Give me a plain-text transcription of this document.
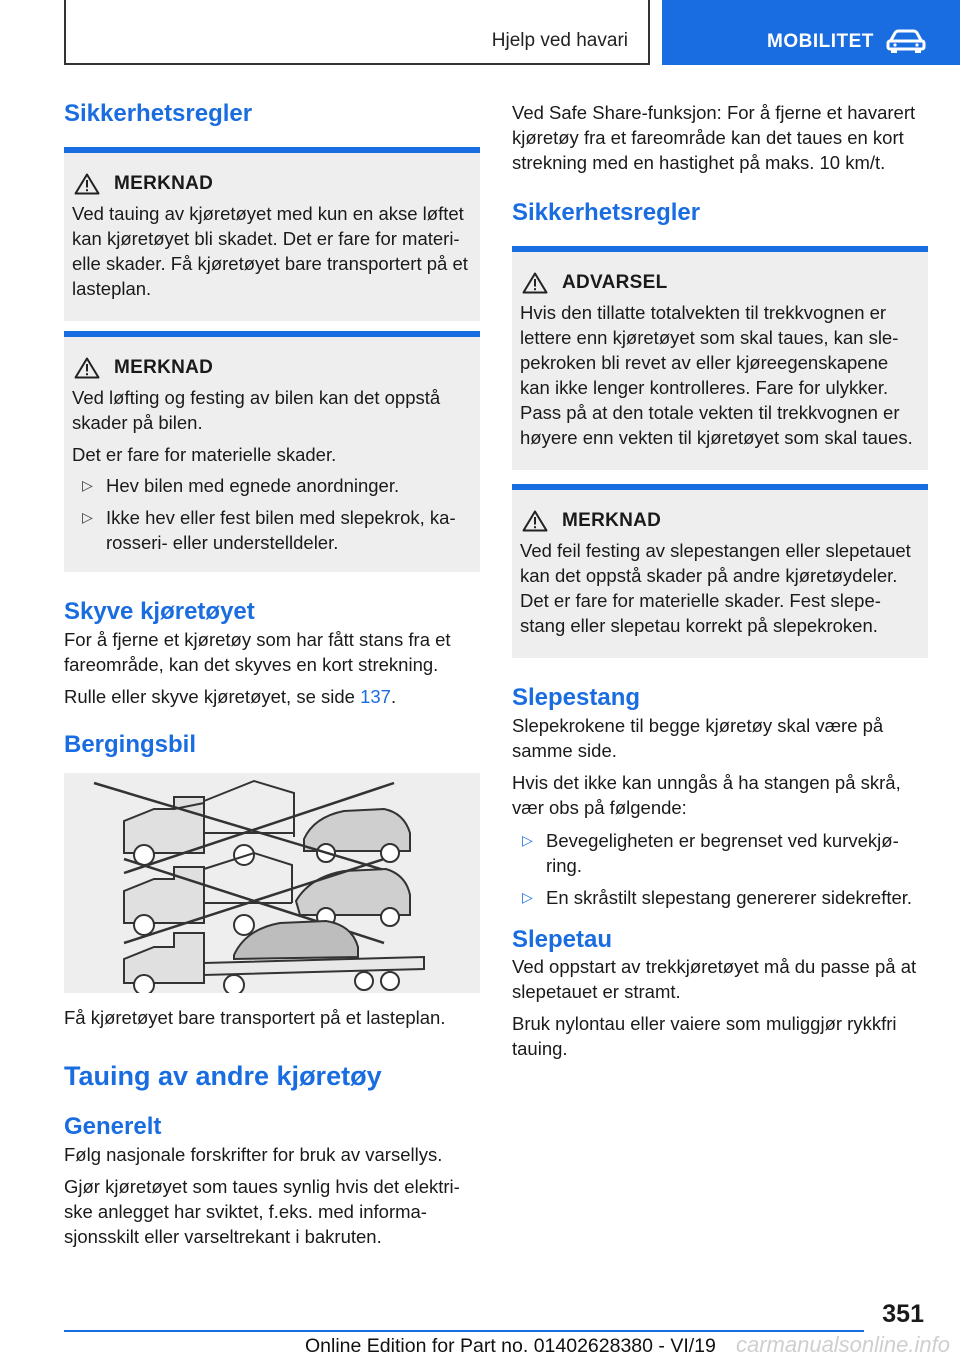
Hjelp ved havari	MOBILITET
Sikkerhetsregler
MERKNAD

Ved tauing av kjøretøyet med kun en akse løftet kan kjøretøyet bli skadet. Det er fare for materi-elle skader. Få kjøretøyet bare transportert på et lasteplan.

MERKNAD

Ved løfting og festing av bilen kan det oppstå skader på bilen.

Det er fare for materielle skader.

▷ Hev bilen med egnede anordninger.
▷ Ikke hev eller fest bilen med slepekrok, ka-rosseri- eller understelldeler.
Skyve kjøretøyet

For å fjerne et kjøretøy som har fått stans fra et fareområde, kan det skyves en kort strekning.

Rulle eller skyve kjøretøyet, se side 137.

Bergingsbil

Få kjøretøyet bare transportert på et lasteplan.

Tauing av andre kjøretøy
Generelt

Følg nasjonale forskrifter for bruk av varsellys.

Gjør kjøretøyet som taues synlig hvis det elektri-ske anlegget har sviktet, f.eks. med informa-sjonsskilt eller varseltrekant i bakruten.

Ved Safe Share-funksjon: For å fjerne et havarert kjøretøy fra et fareområde kan det taues en kort strekning med en hastighet på maks. 10 km/t.

Sikkerhetsregler
ADVARSEL

Hvis den tillatte totalvekten til trekkvognen er lettere enn kjøretøyet som skal taues, kan sle-pekroken bli revet av eller kjøreegenskapene kan ikke lenger kontrolleres. Fare for ulykker. Pass på at den totale vekten til trekkvognen er høyere enn vekten til kjøretøyet som skal taues.

MERKNAD

Ved feil festing av slepestangen eller slepetauet kan det oppstå skader på andre kjøretøydeler. Det er fare for materielle skader. Fest slepe-stang eller slepetau korrekt på slepekroken.

Slepestang

Slepekrokene til begge kjøretøy skal være på samme side.

Hvis det ikke kan unngås å ha stangen på skrå, vær obs på følgende:

▷ Bevegeligheten er begrenset ved kurvekjø-ring.
▷ En skråstilt slepestang genererer sidekrefter.
Slepetau

Ved oppstart av trekkjøretøyet må du passe på at slepetauet er stramt.

Bruk nylontau eller vaiere som muliggjør rykkfri tauing.

351
Online Edition for Part no. 01402628380 - VI/19 carmanualsonline.info
